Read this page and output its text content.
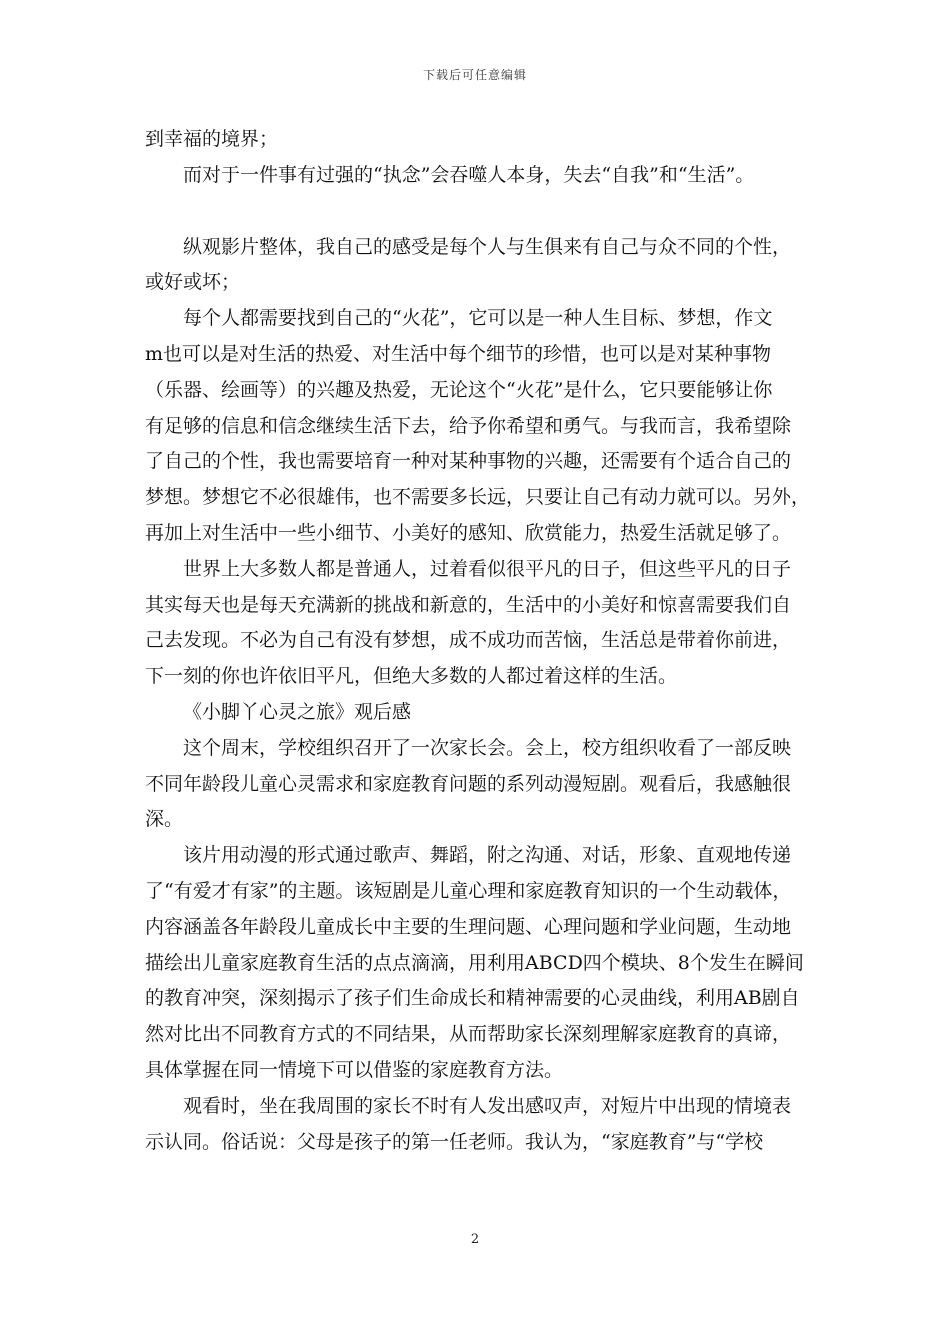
下载后可任意编辑
到幸福的境界；
而对于一件事有过强的“执念”会吞噬人本身，失去“自我”和“生活”。
纵观影片整体，我自己的感受是每个人与生俱来有自己与众不同的个性，
或好或坏；
每个人都需要找到自己的“火花”，它可以是一种人生目标、梦想，作文
m也可以是对生活的热爱、对生活中每个细节的珍惜，也可以是对某种事物
（乐器、绘画等）的兴趣及热爱，无论这个“火花”是什么，它只要能够让你
有足够的信息和信念继续生活下去，给予你希望和勇气。与我而言，我希望除
了自己的个性，我也需要培育一种对某种事物的兴趣，还需要有个适合自己的
梦想。梦想它不必很雄伟，也不需要多长远，只要让自己有动力就可以。另外，
再加上对生活中一些小细节、小美好的感知、欣赏能力，热爱生活就足够了。
世界上大多数人都是普通人，过着看似很平凡的日子，但这些平凡的日子
其实每天也是每天充满新的挑战和新意的，生活中的小美好和惊喜需要我们自
己去发现。不必为自己有没有梦想，成不成功而苦恼，生活总是带着你前进，
下一刻的你也许依旧平凡，但绝大多数的人都过着这样的生活。
《小脚丫心灵之旅》观后感
这个周末，学校组织召开了一次家长会。会上，校方组织收看了一部反映
不同年龄段儿童心灵需求和家庭教育问题的系列动漫短剧。观看后，我感触很
深。
该片用动漫的形式通过歌声、舞蹈，附之沟通、对话，形象、直观地传递
了“有爱才有家”的主题。该短剧是儿童心理和家庭教育知识的一个生动载体，
内容涵盖各年龄段儿童成长中主要的生理问题、心理问题和学业问题，生动地
描绘出儿童家庭教育生活的点点滴滴，用利用ABCD四个模块、8个发生在瞬间
的教育冲突，深刻揭示了孩子们生命成长和精神需要的心灵曲线，利用AB剧自
然对比出不同教育方式的不同结果，从而帮助家长深刻理解家庭教育的真谛，
具体掌握在同一情境下可以借鉴的家庭教育方法。
观看时，坐在我周围的家长不时有人发出感叹声，对短片中出现的情境表
示认同。俗话说：父母是孩子的第一任老师。我认为，“家庭教育”与“学校
2
